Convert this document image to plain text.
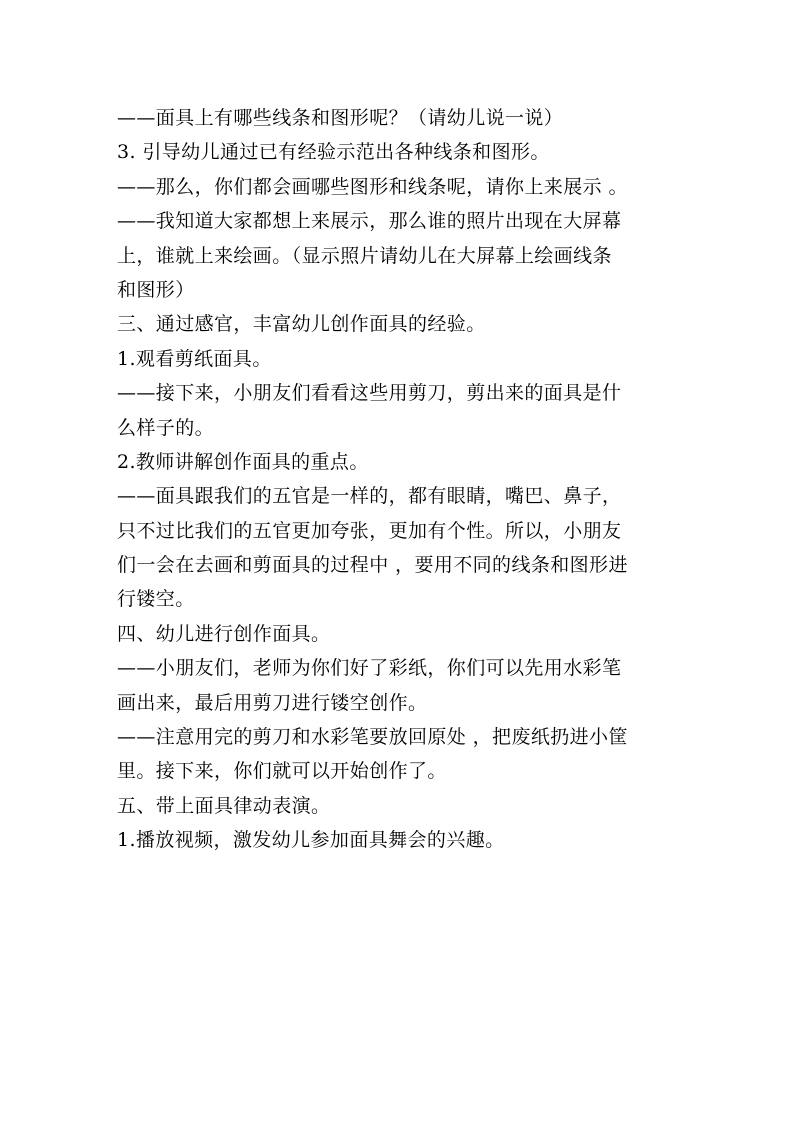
——面具上有哪些线条和图形呢？（请幼儿说一说）
3. 引导幼儿通过已有经验示范出各种线条和图形。
——那么，你们都会画哪些图形和线条呢，请你上来展示 。
——我知道大家都想上来展示，那么谁的照片出现在大屏幕
上，谁就上来绘画。（显示照片请幼儿在大屏幕上绘画线条
和图形）
三、通过感官，丰富幼儿创作面具的经验。
1.观看剪纸面具。
——接下来，小朋友们看看这些用剪刀，剪出来的面具是什
么样子的。
2.教师讲解创作面具的重点。
——面具跟我们的五官是一样的，都有眼睛，嘴巴、鼻子，
只不过比我们的五官更加夸张，更加有个性。所以，小朋友
们一会在去画和剪面具的过程中 ，要用不同的线条和图形进
行镂空。
四、幼儿进行创作面具。
——小朋友们，老师为你们好了彩纸，你们可以先用水彩笔
画出来，最后用剪刀进行镂空创作。
——注意用完的剪刀和水彩笔要放回原处 ，把废纸扔进小筐
里。接下来，你们就可以开始创作了。
五、带上面具律动表演。
1.播放视频，激发幼儿参加面具舞会的兴趣。
